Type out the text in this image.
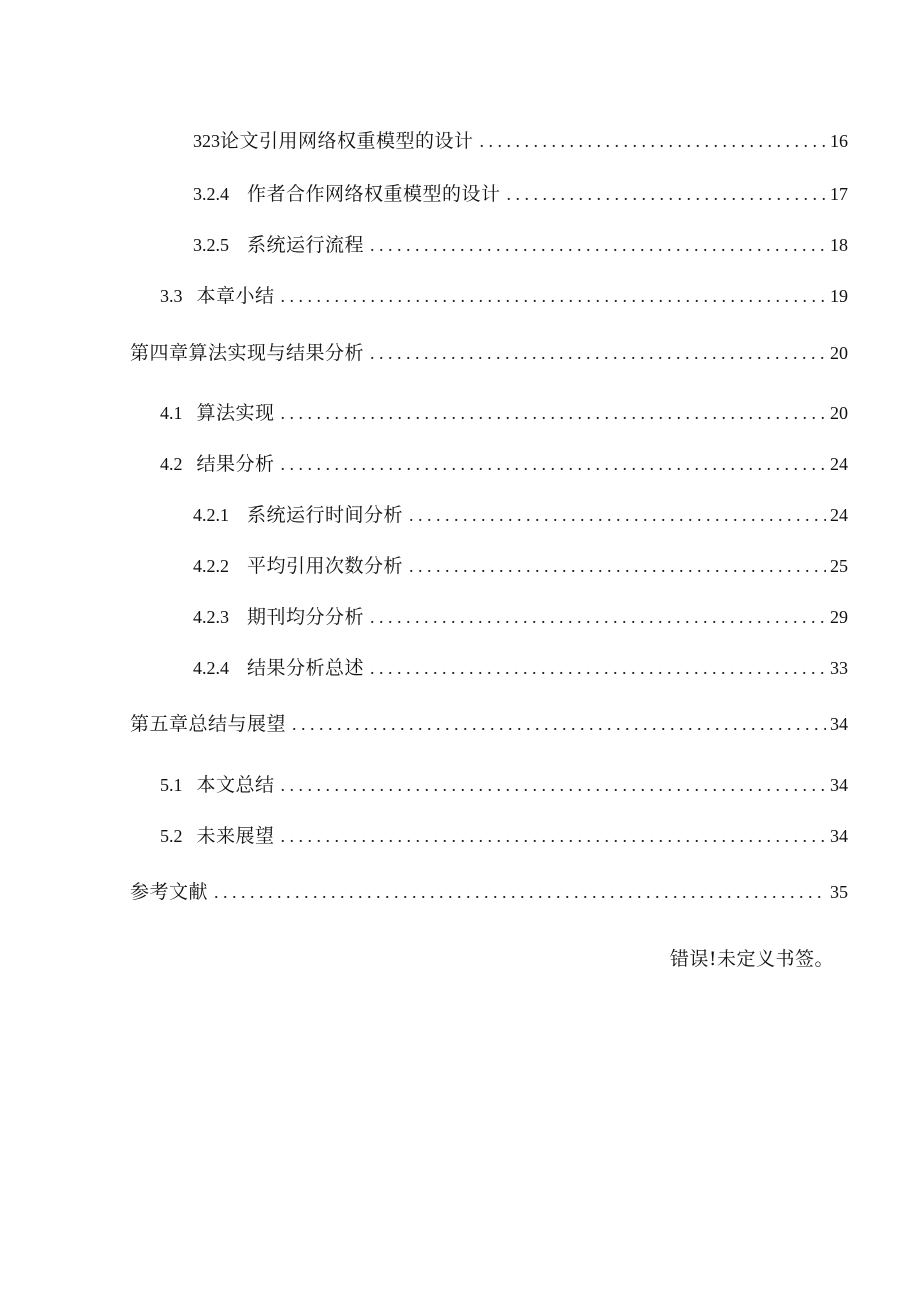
323 论文引用网络权重模型的设计 . . .	16
3.2.4 作者合作网络权重模型的设计 . . .	17
3.2.5 系统运行流程 . . .	18
3.3 本章小结 . . .	19
第四章算法实现与结果分析 . . .	20
4.1 算法实现 . . .	20
4.2 结果分析 . . .	24
4.2.1 系统运行时间分析 . . .	24
4.2.2 平均引用次数分析 . . .	25
4.2.3 期刊均分分析 . . .	29
4.2.4 结果分析总述 . . .	33
第五章总结与展望 . . .	34
5.1 本文总结 . . .	34
5.2 未来展望 . . .	34
参考文献 . . .	35
错误!未定义书签。
